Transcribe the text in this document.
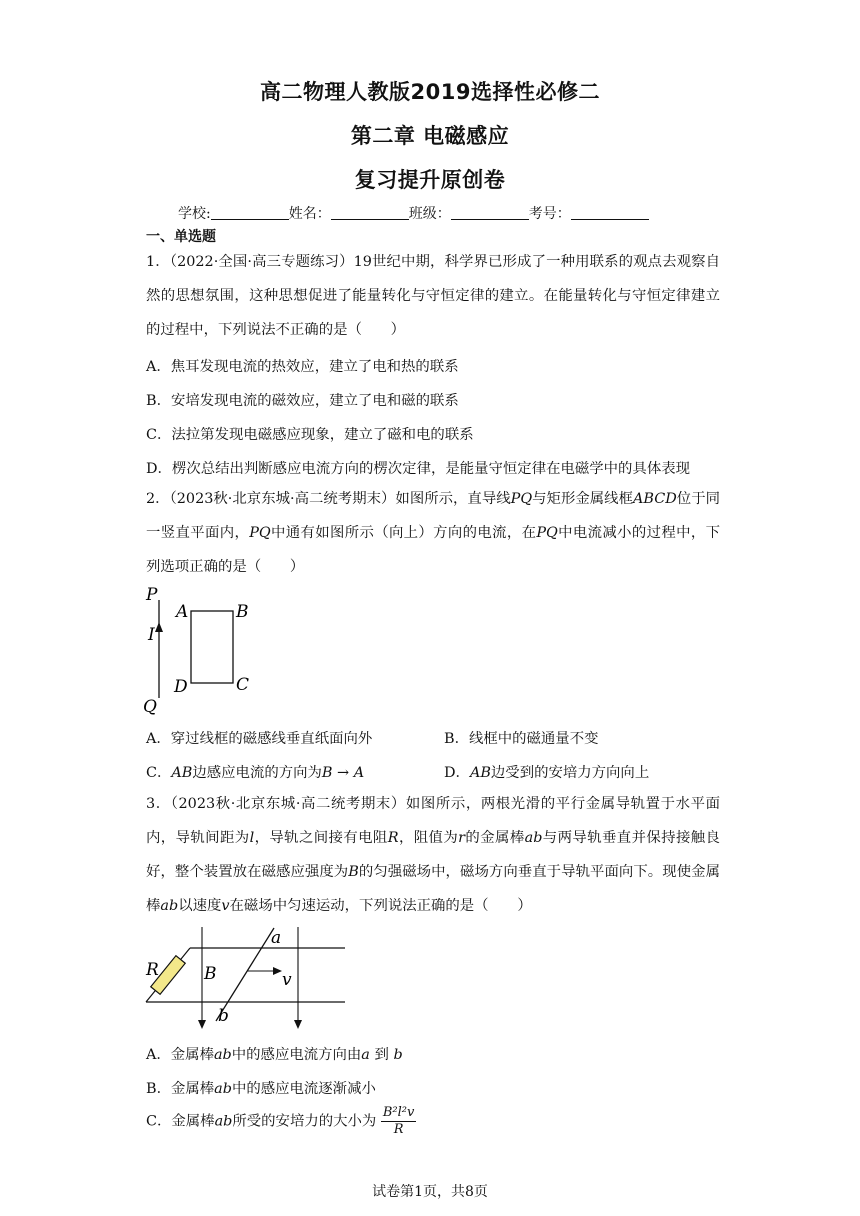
高二物理人教版2019选择性必修二
第二章 电磁感应
复习提升原创卷
学校:	姓名：	班级：	考号：
一、单选题
1．（2022·全国·高三专题练习）19世纪中期，科学界已形成了一种用联系的观点去观察自然的思想氛围，这种思想促进了能量转化与守恒定律的建立。在能量转化与守恒定律建立的过程中，下列说法不正确的是（　　）
A．焦耳发现电流的热效应，建立了电和热的联系
B．安培发现电流的磁效应，建立了电和磁的联系
C．法拉第发现电磁感应现象，建立了磁和电的联系
D．楞次总结出判断感应电流方向的楞次定律，是能量守恒定律在电磁学中的具体表现
2．（2023秋·北京东城·高二统考期末）如图所示，直导线PQ与矩形金属线框ABCD位于同一竖直平面内，PQ中通有如图所示（向上）方向的电流，在PQ中电流减小的过程中，下列选项正确的是（　　）
P
I
Q
A	B
C
D
A．穿过线框的磁感线垂直纸面向外	B．线框中的磁通量不变
C．AB边感应电流的方向为B → A	D．AB边受到的安培力方向向上
3．（2023秋·北京东城·高二统考期末）如图所示，两根光滑的平行金属导轨置于水平面内，导轨间距为l，导轨之间接有电阻R，阻值为r的金属棒ab与两导轨垂直并保持接触良好，整个装置放在磁感应强度为B的匀强磁场中，磁场方向垂直于导轨平面向下。现使金属棒ab以速度v在磁场中匀速运动，下列说法正确的是（　　）
R	B
a
b
v
A．金属棒ab中的感应电流方向由a 到 b
B．金属棒ab中的感应电流逐渐减小
C．金属棒ab所受的安培力的大小为 $\frac{\text{B²l²v}}{R}$
试卷第1页，共8页
